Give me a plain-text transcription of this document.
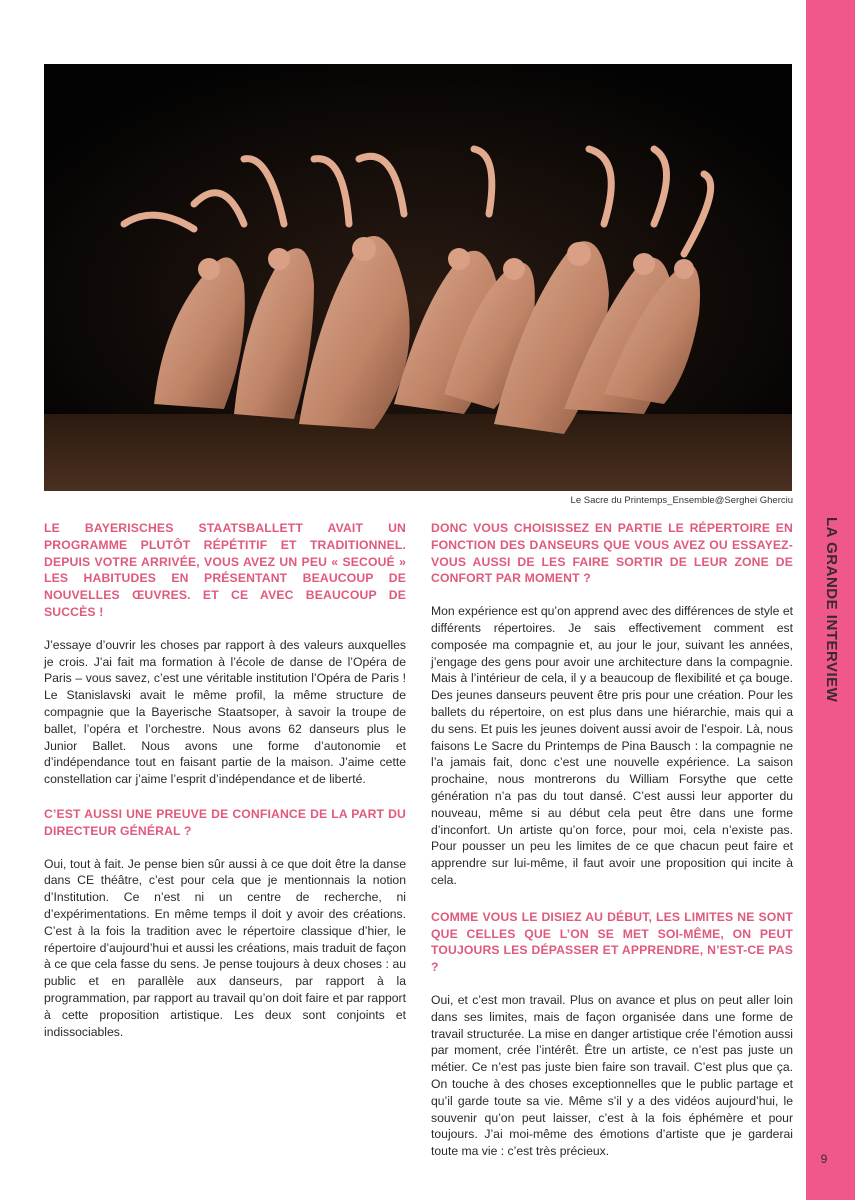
LA GRANDE INTERVIEW
9
Le Sacre du Printemps_Ensemble@Serghei Gherciu

LE BAYERISCHES STAATSBALLETT AVAIT UN PROGRAMME PLUTÔT RÉPÉTITIF ET TRADITIONNEL. DEPUIS VOTRE ARRIVÉE, VOUS AVEZ UN PEU « SECOUÉ » LES HABITUDES EN PRÉSENTANT BEAUCOUP DE NOUVELLES ŒUVRES. ET CE AVEC BEAUCOUP DE SUCCÈS !

J’essaye d’ouvrir les choses par rapport à des valeurs auxquelles je crois. J’ai fait ma formation à l’école de danse de l’Opéra de Paris – vous savez, c’est une véritable institution l’Opéra de Paris ! Le Stanislavski avait le même profil, la même structure de compagnie que la Bayerische Staatsoper, à savoir la troupe de ballet, l’opéra et l’orchestre. Nous avons 62 danseurs plus le Junior Ballet. Nous avons une forme d’autonomie et d’indépendance tout en faisant partie de la maison. J’aime cette constellation car j’aime l’esprit d’indépendance et de liberté.

C’EST AUSSI UNE PREUVE DE CONFIANCE DE LA PART DU DIRECTEUR GÉNÉRAL ?

Oui, tout à fait. Je pense bien sûr aussi à ce que doit être la danse dans CE théâtre, c’est pour cela que je mentionnais la notion d’Institution. Ce n’est ni un centre de recherche, ni d’expérimentations. En même temps il doit y avoir des créations. C’est à la fois la tradition avec le répertoire classique d’hier, le répertoire d’aujourd’hui et aussi les créations, mais traduit de façon à ce que cela fasse du sens. Je pense toujours à deux choses : au public et en parallèle aux danseurs, par rapport à la programmation, par rapport au travail qu’on doit faire et par rapport à cette proposition artistique. Les deux sont conjoints et indissociables.

DONC VOUS CHOISISSEZ EN PARTIE LE RÉPERTOIRE EN FONCTION DES DANSEURS QUE VOUS AVEZ OU ESSAYEZ-VOUS AUSSI DE LES FAIRE SORTIR DE LEUR ZONE DE CONFORT PAR MOMENT ?

Mon expérience est qu’on apprend avec des différences de style et différents répertoires. Je sais effectivement comment est composée ma compagnie et, au jour le jour, suivant les années, j’engage des gens pour avoir une architecture dans la compagnie. Mais à l’intérieur de cela, il y a beaucoup de flexibilité et ça bouge. Des jeunes danseurs peuvent être pris pour une création. Pour les ballets du répertoire, on est plus dans une hiérarchie, mais qui a du sens. Et puis les jeunes doivent aussi avoir de l’espoir. Là, nous faisons Le Sacre du Printemps de Pina Bausch : la compagnie ne l’a jamais fait, donc c’est une nouvelle expérience. La saison prochaine, nous montrerons du William Forsythe que cette génération n’a pas du tout dansé. C’est aussi leur apporter du nouveau, même si au début cela peut être dans une forme d’inconfort. Un artiste qu’on force, pour moi, cela n’existe pas. Pour pousser un peu les limites de ce que chacun peut faire et apprendre sur lui-même, il faut avoir une proposition qui incite à cela.

COMME VOUS LE DISIEZ AU DÉBUT, LES LIMITES NE SONT QUE CELLES QUE L’ON SE MET SOI-MÊME, ON PEUT TOUJOURS LES DÉPASSER ET APPRENDRE, N’EST-CE PAS ?

Oui, et c’est mon travail. Plus on avance et plus on peut aller loin dans ses limites, mais de façon organisée dans une forme de travail structurée. La mise en danger artistique crée l’émotion aussi par moment, crée l’intérêt. Être un artiste, ce n’est pas juste un métier. Ce n’est pas juste bien faire son travail. C’est plus que ça. On touche à des choses exceptionnelles que le public partage et qu’il garde toute sa vie. Même s’il y a des vidéos aujourd’hui, le souvenir qu’on peut laisser, c’est à la fois éphémère et pour toujours. J’ai moi-même des émotions d’artiste que je garderai toute ma vie : c’est très précieux.
